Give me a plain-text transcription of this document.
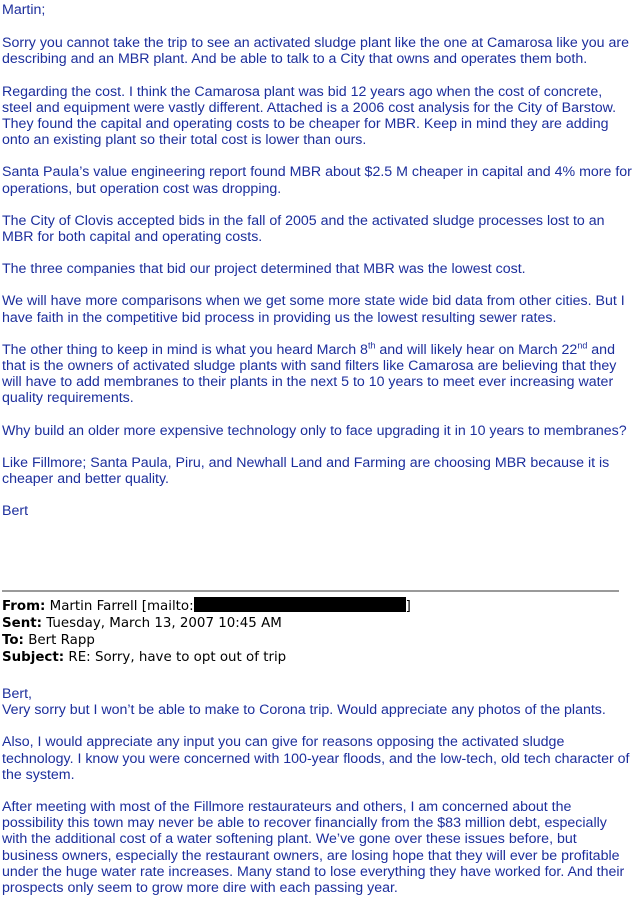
Martin;

Sorry you cannot take the trip to see an activated sludge plant like the one at Camarosa like you are describing and an MBR plant. And be able to talk to a City that owns and operates them both.

Regarding the cost. I think the Camarosa plant was bid 12 years ago when the cost of concrete, steel and equipment were vastly different. Attached is a 2006 cost analysis for the City of Barstow. They found the capital and operating costs to be cheaper for MBR. Keep in mind they are adding onto an existing plant so their total cost is lower than ours.

Santa Paula’s value engineering report found MBR about $2.5 M cheaper in capital and 4% more for operations, but operation cost was dropping.

The City of Clovis accepted bids in the fall of 2005 and the activated sludge processes lost to an MBR for both capital and operating costs.

The three companies that bid our project determined that MBR was the lowest cost.

We will have more comparisons when we get some more state wide bid data from other cities. But I have faith in the competitive bid process in providing us the lowest resulting sewer rates.

The other thing to keep in mind is what you heard March 8th and will likely hear on March 22nd and that is the owners of activated sludge plants with sand filters like Camarosa are believing that they will have to add membranes to their plants in the next 5 to 10 years to meet ever increasing water quality requirements.

Why build an older more expensive technology only to face upgrading it in 10 years to membranes?

Like Fillmore; Santa Paula, Piru, and Newhall Land and Farming are choosing MBR because it is cheaper and better quality.

Bert

From: Martin Farrell [mailto:	]
Sent: Tuesday, March 13, 2007 10:45 AM
To: Bert Rapp
Subject: RE: Sorry, have to opt out of trip

Bert,

Very sorry but I won’t be able to make to Corona trip. Would appreciate any photos of the plants.

Also, I would appreciate any input you can give for reasons opposing the activated sludge technology. I know you were concerned with 100-year floods, and the low-tech, old tech character of the system.

After meeting with most of the Fillmore restaurateurs and others, I am concerned about the possibility this town may never be able to recover financially from the $83 million debt, especially with the additional cost of a water softening plant. We’ve gone over these issues before, but business owners, especially the restaurant owners, are losing hope that they will ever be profitable under the huge water rate increases. Many stand to lose everything they have worked for. And their prospects only seem to grow more dire with each passing year.
